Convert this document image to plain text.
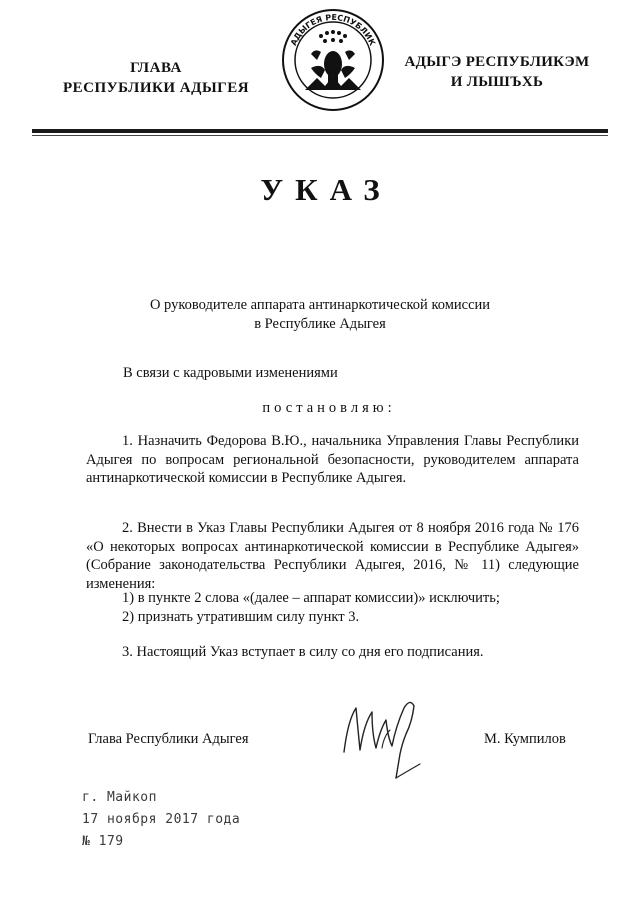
ГЛАВА
РЕСПУБЛИКИ АДЫГЕЯ
АДЫГЕЯ РЕСПУБЛИК
АДЫГЭ РЕСПУБЛИКЭМ
И ЛЫШЪХЬ
УКАЗ
О руководителе аппарата антинаркотической комиссии
в Республике Адыгея
В связи с кадровыми изменениями
постановляю:
1. Назначить Федорова В.Ю., начальника Управления Главы Республики Адыгея по вопросам региональной безопасности, руководителем аппарата антинаркотической комиссии в Республике Адыгея.
2. Внести в Указ Главы Республики Адыгея от 8 ноября 2016 года № 176 «О некоторых вопросах антинаркотической комиссии в Республике Адыгея» (Собрание законодательства Республики Адыгея, 2016, № 11) следующие изменения:
1) в пункте 2 слова «(далее – аппарат комиссии)» исключить;
2) признать утратившим силу пункт 3.
3. Настоящий Указ вступает в силу со дня его подписания.
Глава Республики Адыгея	М. Кумпилов
г. Майкоп
17 ноября 2017 года
№ 179
